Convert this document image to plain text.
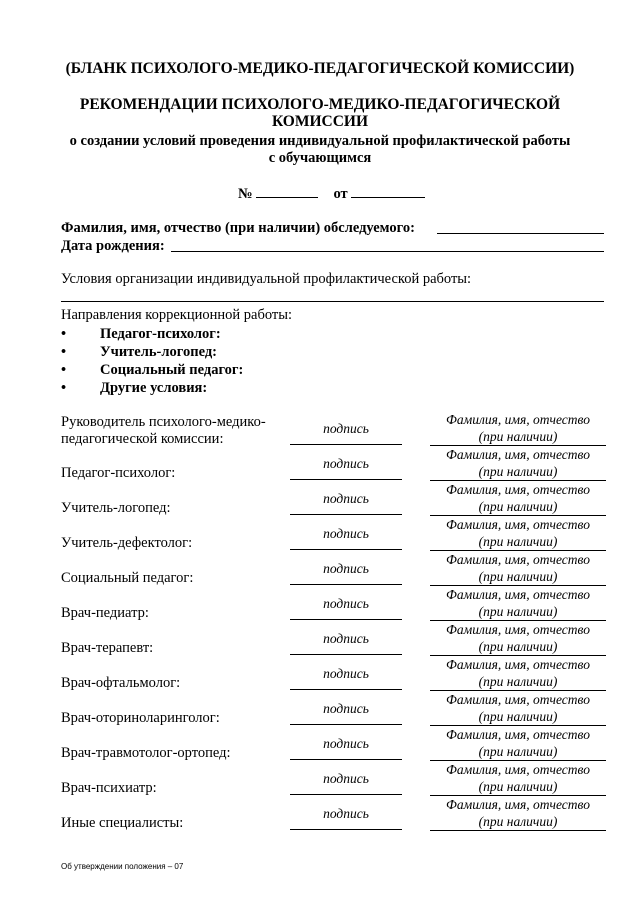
(БЛАНК ПСИХОЛОГО-МЕДИКО-ПЕДАГОГИЧЕСКОЙ КОМИССИИ)
РЕКОМЕНДАЦИИ ПСИХОЛОГО-МЕДИКО-ПЕДАГОГИЧЕСКОЙ
КОМИССИИ
о создании условий проведения индивидуальной профилактической работы
с обучающимся
№	от
Фамилия, имя, отчество (при наличии) обследуемого:
Дата рождения:
Условия организации индивидуальной профилактической работы:
Направления коррекционной работы:
• Педагог-психолог:
• Учитель-логопед:
• Социальный педагог:
• Другие условия:
Руководитель психолого-медико-
педагогической комиссии:
подпись
Фамилия, имя, отчество
(при наличии)
Педагог-психолог:
подпись
Фамилия, имя, отчество
(при наличии)
Учитель-логопед:
подпись
Фамилия, имя, отчество
(при наличии)
Учитель-дефектолог:
подпись
Фамилия, имя, отчество
(при наличии)
Социальный педагог:
подпись
Фамилия, имя, отчество
(при наличии)
Врач-педиатр:
подпись
Фамилия, имя, отчество
(при наличии)
Врач-терапевт:
подпись
Фамилия, имя, отчество
(при наличии)
Врач-офтальмолог:
подпись
Фамилия, имя, отчество
(при наличии)
Врач-оториноларинголог:
подпись
Фамилия, имя, отчество
(при наличии)
Врач-травмотолог-ортопед:
подпись
Фамилия, имя, отчество
(при наличии)
Врач-психиатр:
подпись
Фамилия, имя, отчество
(при наличии)
Иные специалисты:
подпись
Фамилия, имя, отчество
(при наличии)
Об утверждении положения – 07
